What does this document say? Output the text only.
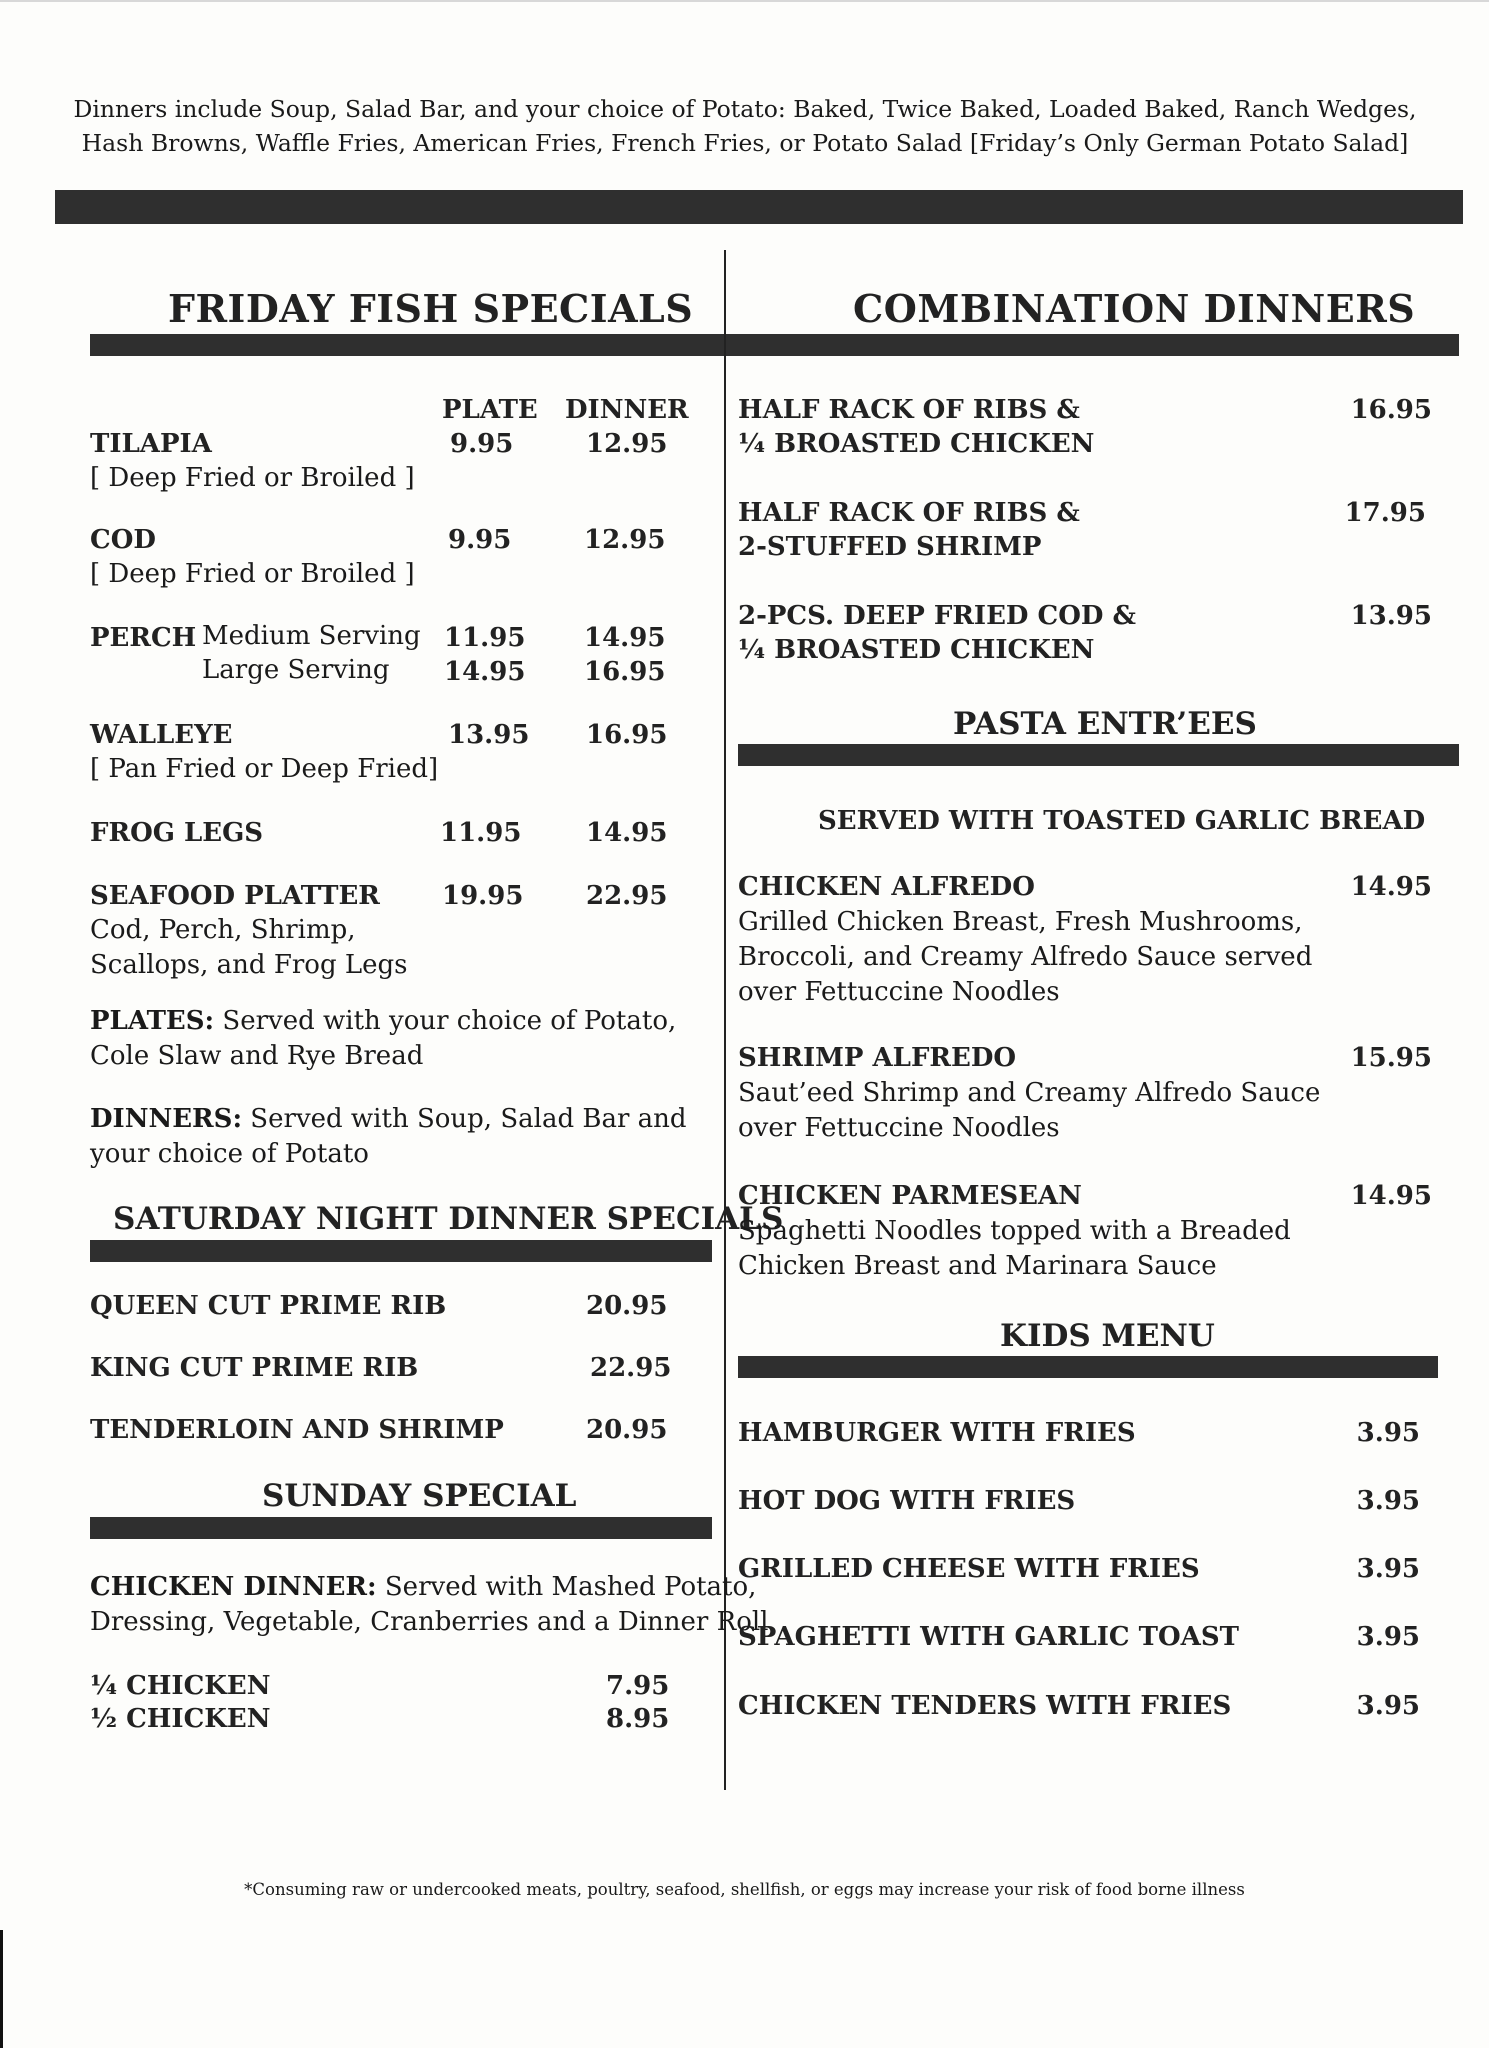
Dinners include Soup, Salad Bar, and your choice of Potato: Baked, Twice Baked, Loaded Baked, Ranch Wedges,
Hash Browns, Waffle Fries, American Fries, French Fries, or Potato Salad [Friday’s Only German Potato Salad]
FRIDAY FISH SPECIALS
PLATE DINNER
TILAPIA	9.95	12.95
[ Deep Fried or Broiled ]
COD	9.95	12.95
[ Deep Fried or Broiled ]
PERCH Medium Serving 11.95 14.95
Large Serving 14.95 16.95
WALLEYE	13.95 16.95
[ Pan Fried or Deep Fried]
FROG LEGS	11.95 14.95
SEAFOOD PLATTER 19.95 22.95
Cod, Perch, Shrimp,
Scallops, and Frog Legs
PLATES: Served with your choice of Potato,
Cole Slaw and Rye Bread
DINNERS: Served with Soup, Salad Bar and
your choice of Potato
SATURDAY NIGHT DINNER SPECIALS
QUEEN CUT PRIME RIB	20.95
KING CUT PRIME RIB	22.95
TENDERLOIN AND SHRIMP	20.95
SUNDAY SPECIAL
CHICKEN DINNER: Served with Mashed Potato,
Dressing, Vegetable, Cranberries and a Dinner Roll
¼ CHICKEN	7.95
½ CHICKEN	8.95
COMBINATION DINNERS
HALF RACK OF RIBS &
¼ BROASTED CHICKEN
16.95
HALF RACK OF RIBS &
2-STUFFED SHRIMP
17.95
2-PCS. DEEP FRIED COD &
¼ BROASTED CHICKEN
13.95
PASTA ENTR’EES
SERVED WITH TOASTED GARLIC BREAD
CHICKEN ALFREDO	14.95
Grilled Chicken Breast, Fresh Mushrooms,
Broccoli, and Creamy Alfredo Sauce served
over Fettuccine Noodles
SHRIMP ALFREDO	15.95
Saut’eed Shrimp and Creamy Alfredo Sauce
over Fettuccine Noodles
CHICKEN PARMESEAN	14.95
Spaghetti Noodles topped with a Breaded
Chicken Breast and Marinara Sauce
KIDS MENU
HAMBURGER WITH FRIES	3.95
HOT DOG WITH FRIES	3.95
GRILLED CHEESE WITH FRIES	3.95
SPAGHETTI WITH GARLIC TOAST	3.95
CHICKEN TENDERS WITH FRIES	3.95
*Consuming raw or undercooked meats, poultry, seafood, shellfish, or eggs may increase your risk of food borne illness
